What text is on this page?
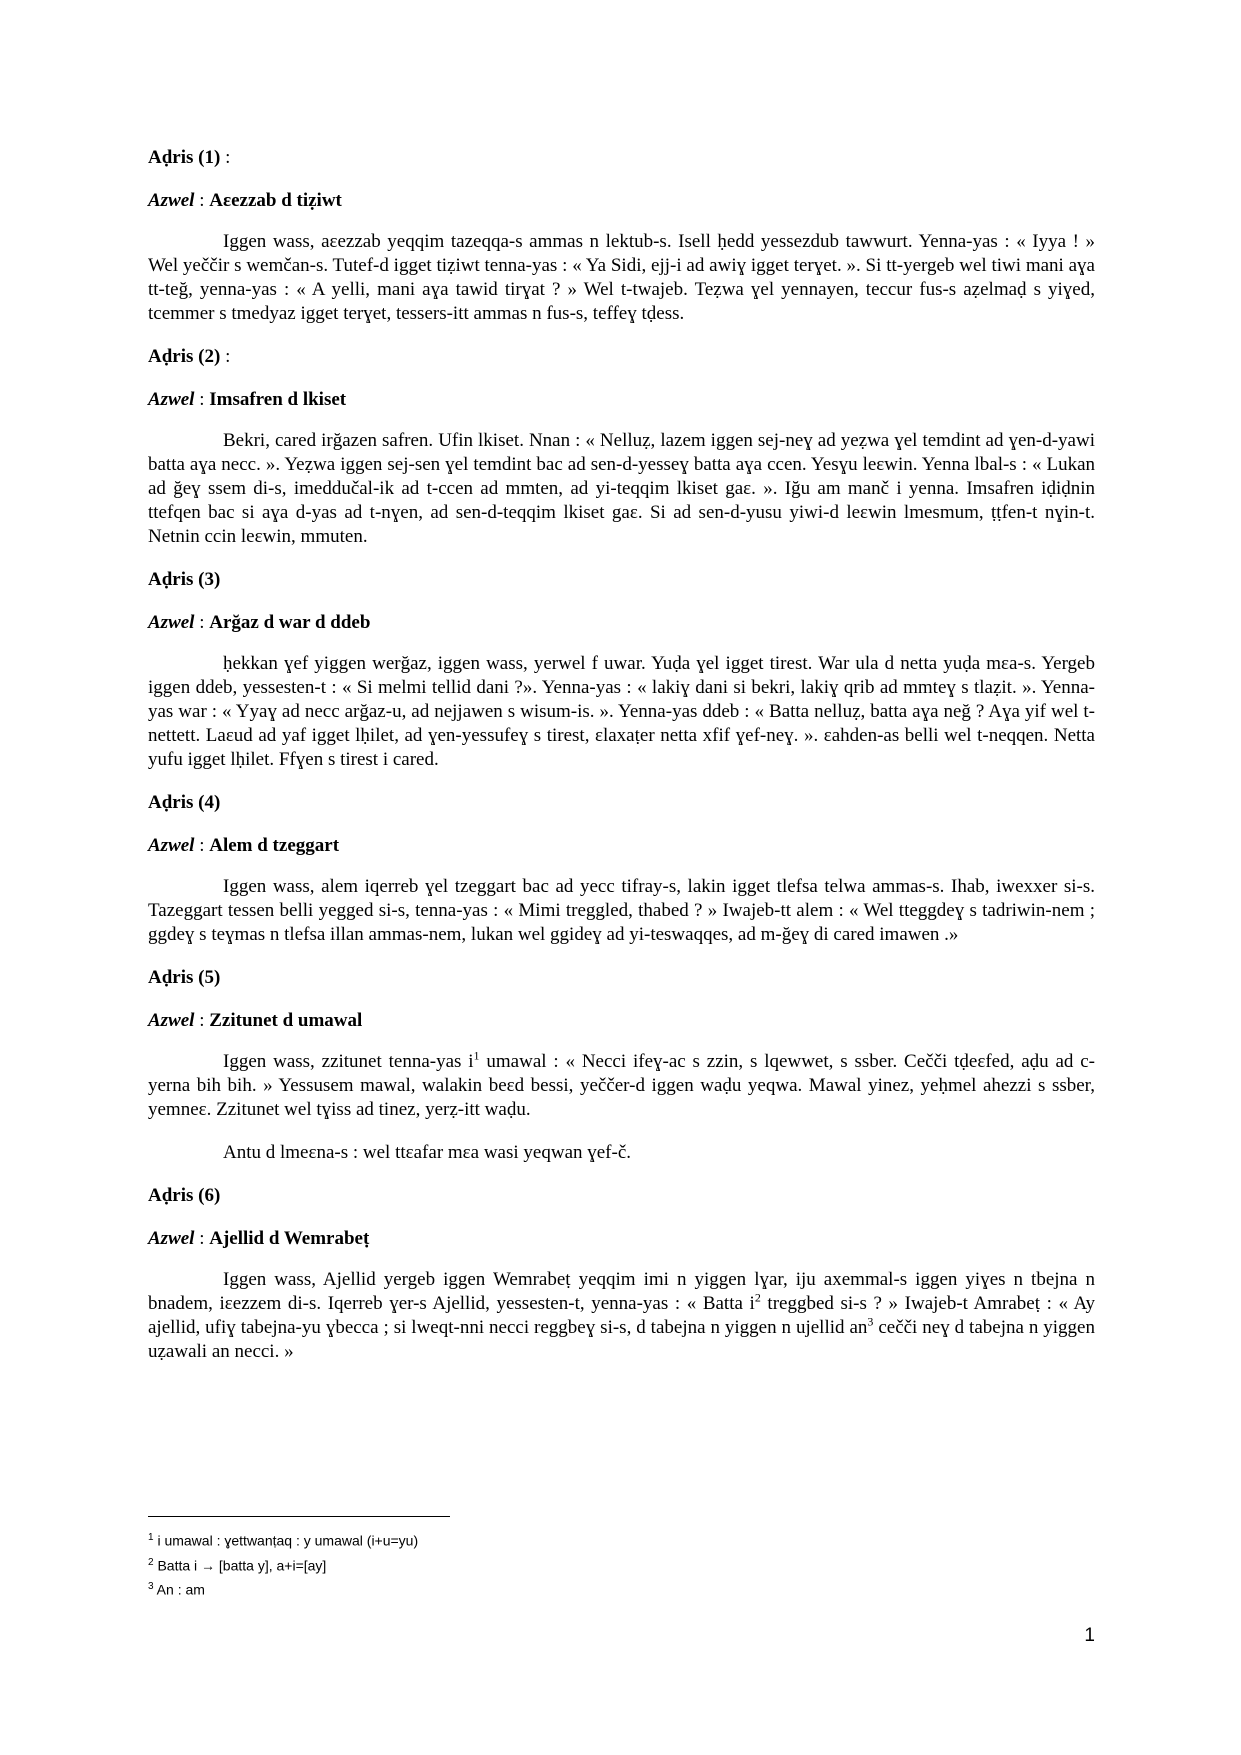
Aḍris (1) :
Azwel : Aεezzab d tiẓiwt

Iggen wass, aεezzab yeqqim tazeqqa-s ammas n lektub-s. Isell ḥedd yessezdub tawwurt. Yenna-yas : « Iyya ! » Wel yeččir s wemčan-s. Tutef-d igget tiẓiwt tenna-yas : « Ya Sidi, ejj-i ad awiɣ igget terɣet. ». Si tt-yergeb wel tiwi mani aɣa tt-teğ, yenna-yas : « A yelli, mani aɣa tawid tirɣat ? » Wel t-twajeb. Teẓwa ɣel yennayen, teccur fus-s aẓelmaḍ s yiɣed, tcemmer s tmedyaz igget terɣet, tessers-itt ammas n fus-s, teffeɣ tḍess.

Aḍris (2) :
Azwel : Imsafren d lkiset

Bekri, cared irğazen safren. Ufin lkiset. Nnan : « Nelluẓ, lazem iggen sej-neɣ ad yeẓwa ɣel temdint ad ɣen-d-yawi batta aɣa necc. ». Yeẓwa iggen sej-sen ɣel temdint bac ad sen-d-yesseɣ batta aɣa ccen. Yesɣu leεwin. Yenna lbal-s : « Lukan ad ğeɣ ssem di-s, imeddučal-ik ad t-ccen ad mmten, ad yi-teqqim lkiset gaε. ». Iğu am manč i yenna. Imsafren iḍiḍnin ttefqen bac si aɣa d-yas ad t-nɣen, ad sen-d-teqqim lkiset gaε. Si ad sen-d-yusu yiwi-d leεwin lmesmum, ṭṭfen-t nɣin-t. Netnin ccin leεwin, mmuten.

Aḍris (3)
Azwel : Arğaz d war d ddeb

ḥekkan ɣef yiggen werğaz, iggen wass, yerwel f uwar. Yuḍa ɣel igget tirest. War ula d netta yuḍa mεa-s. Yergeb iggen ddeb, yessesten-t : « Si melmi tellid dani ?». Yenna-yas : « lakiɣ dani si bekri, lakiɣ qrib ad mmteɣ s tlaẓit. ». Yenna-yas war : « Yyaɣ ad necc arğaz-u, ad nejjawen s wisum-is. ». Yenna-yas ddeb : « Batta nelluẓ, batta aɣa neğ ? Aɣa yif wel t-nettett. Laεud ad yaf igget lḥilet, ad ɣen-yessufeɣ s tirest, εlaxaṭer netta xfif ɣef-neɣ. ». εahden-as belli wel t-neqqen. Netta yufu igget lḥilet. Ffɣen s tirest i cared.

Aḍris (4)
Azwel : Alem d tzeggart

Iggen wass, alem iqerreb ɣel tzeggart bac ad yecc tifray-s, lakin igget tlefsa telwa ammas-s. Ihab, iwexxer si-s. Tazeggart tessen belli yegged si-s, tenna-yas : « Mimi treggled, thabed ? » Iwajeb-tt alem : « Wel tteggdeɣ s tadriwin-nem ; ggdeɣ s teɣmas n tlefsa illan ammas-nem, lukan wel ggideɣ ad yi-teswaqqes, ad m-ğeɣ di cared imawen .»

Aḍris (5)
Azwel : Zzitunet d umawal

Iggen wass, zzitunet tenna-yas $i^1$ umawal : « Necci ifeɣ-ac s zzin, s lqewwet, s ssber. Cečči tḍeεfed, aḍu ad c-yerna bih bih. » Yessusem mawal, walakin beεd bessi, yeččer-d iggen waḍu yeqwa. Mawal yinez, yeḥmel ahezzi s ssber, yemneε. Zzitunet wel tɣiss ad tinez, yerẓ-itt waḍu.

Antu d lmeεna-s : wel ttεafar mεa wasi yeqwan ɣef-č.

Aḍris (6)
Azwel : Ajellid d Wemrabeṭ

Iggen wass, Ajellid yergeb iggen Wemrabeṭ yeqqim imi n yiggen lɣar, iju axemmal-s iggen yiɣes n tbejna n bnadem, iεezzem di-s. Iqerreb ɣer-s Ajellid, yessesten-t, yenna-yas : « Batta $i^2$ treggbed si-s ? » Iwajeb-t Amrabeṭ : « Ay ajellid, ufiɣ tabejna-yu ɣbecca ; si lweqt-nni necci reggbeɣ si-s, d tabejna n yiggen n ujellid $an^3$ cečči neɣ d tabejna n yiggen uẓawali an necci. »

$^1$ i umawal : ɣettwanṭaq : y umawal (i+u=yu)
$^2$ Batta i → [batta y], a+i=[ay]
$^3$ An : am
1
